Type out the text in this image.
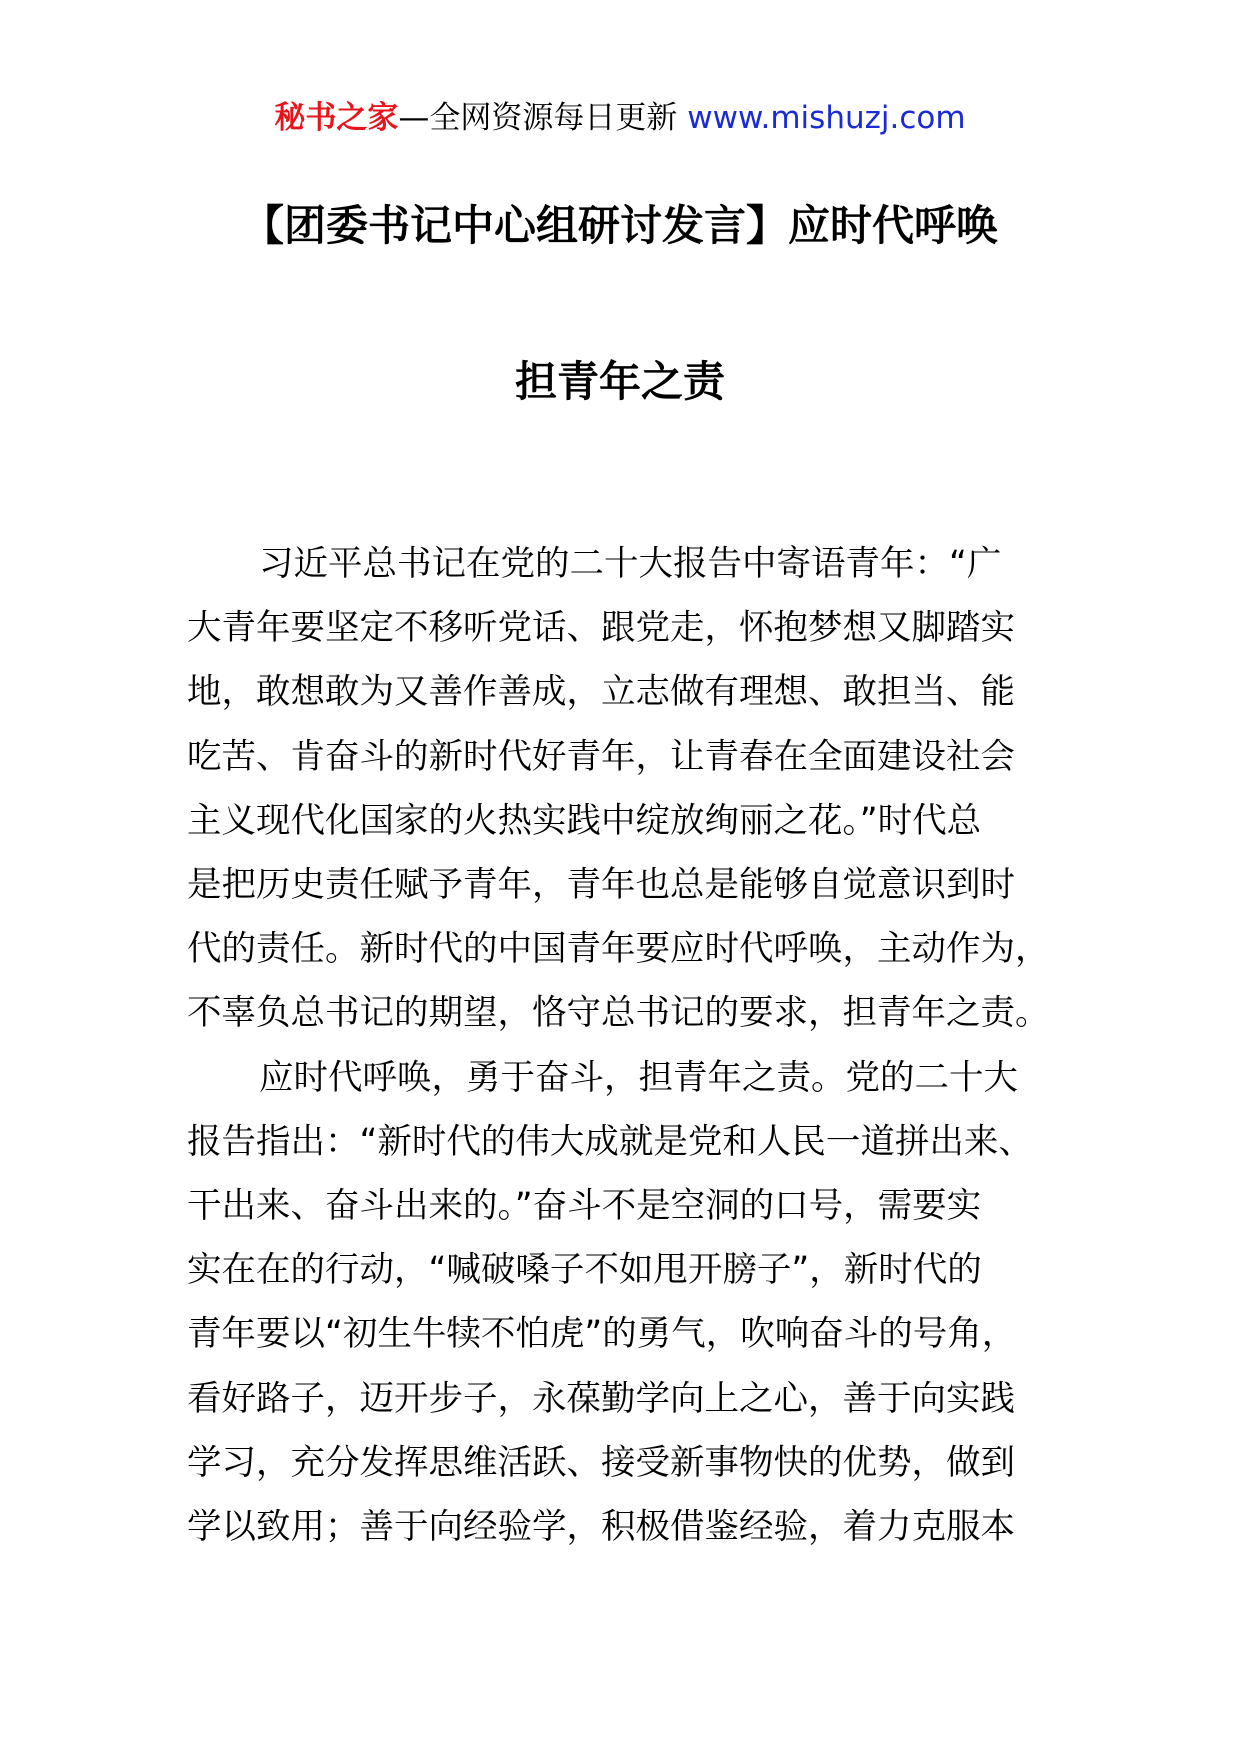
秘书之家—全网资源每日更新 www.mishuzj.com
【团委书记中心组研讨发言】应时代呼唤
担青年之责

习近平总书记在党的二十大报告中寄语青年：“广
大青年要坚定不移听党话、跟党走，怀抱梦想又脚踏实
地，敢想敢为又善作善成，立志做有理想、敢担当、能
吃苦、肯奋斗的新时代好青年，让青春在全面建设社会
主义现代化国家的火热实践中绽放绚丽之花。”时代总
是把历史责任赋予青年，青年也总是能够自觉意识到时
代的责任。新时代的中国青年要应时代呼唤，主动作为，
不辜负总书记的期望，恪守总书记的要求，担青年之责。

应时代呼唤，勇于奋斗，担青年之责。党的二十大
报告指出：“新时代的伟大成就是党和人民一道拼出来、
干出来、奋斗出来的。”奋斗不是空洞的口号，需要实
实在在的行动，“喊破嗓子不如甩开膀子”，新时代的
青年要以“初生牛犊不怕虎”的勇气，吹响奋斗的号角，
看好路子，迈开步子，永葆勤学向上之心，善于向实践
学习，充分发挥思维活跃、接受新事物快的优势，做到
学以致用；善于向经验学，积极借鉴经验，着力克服本
